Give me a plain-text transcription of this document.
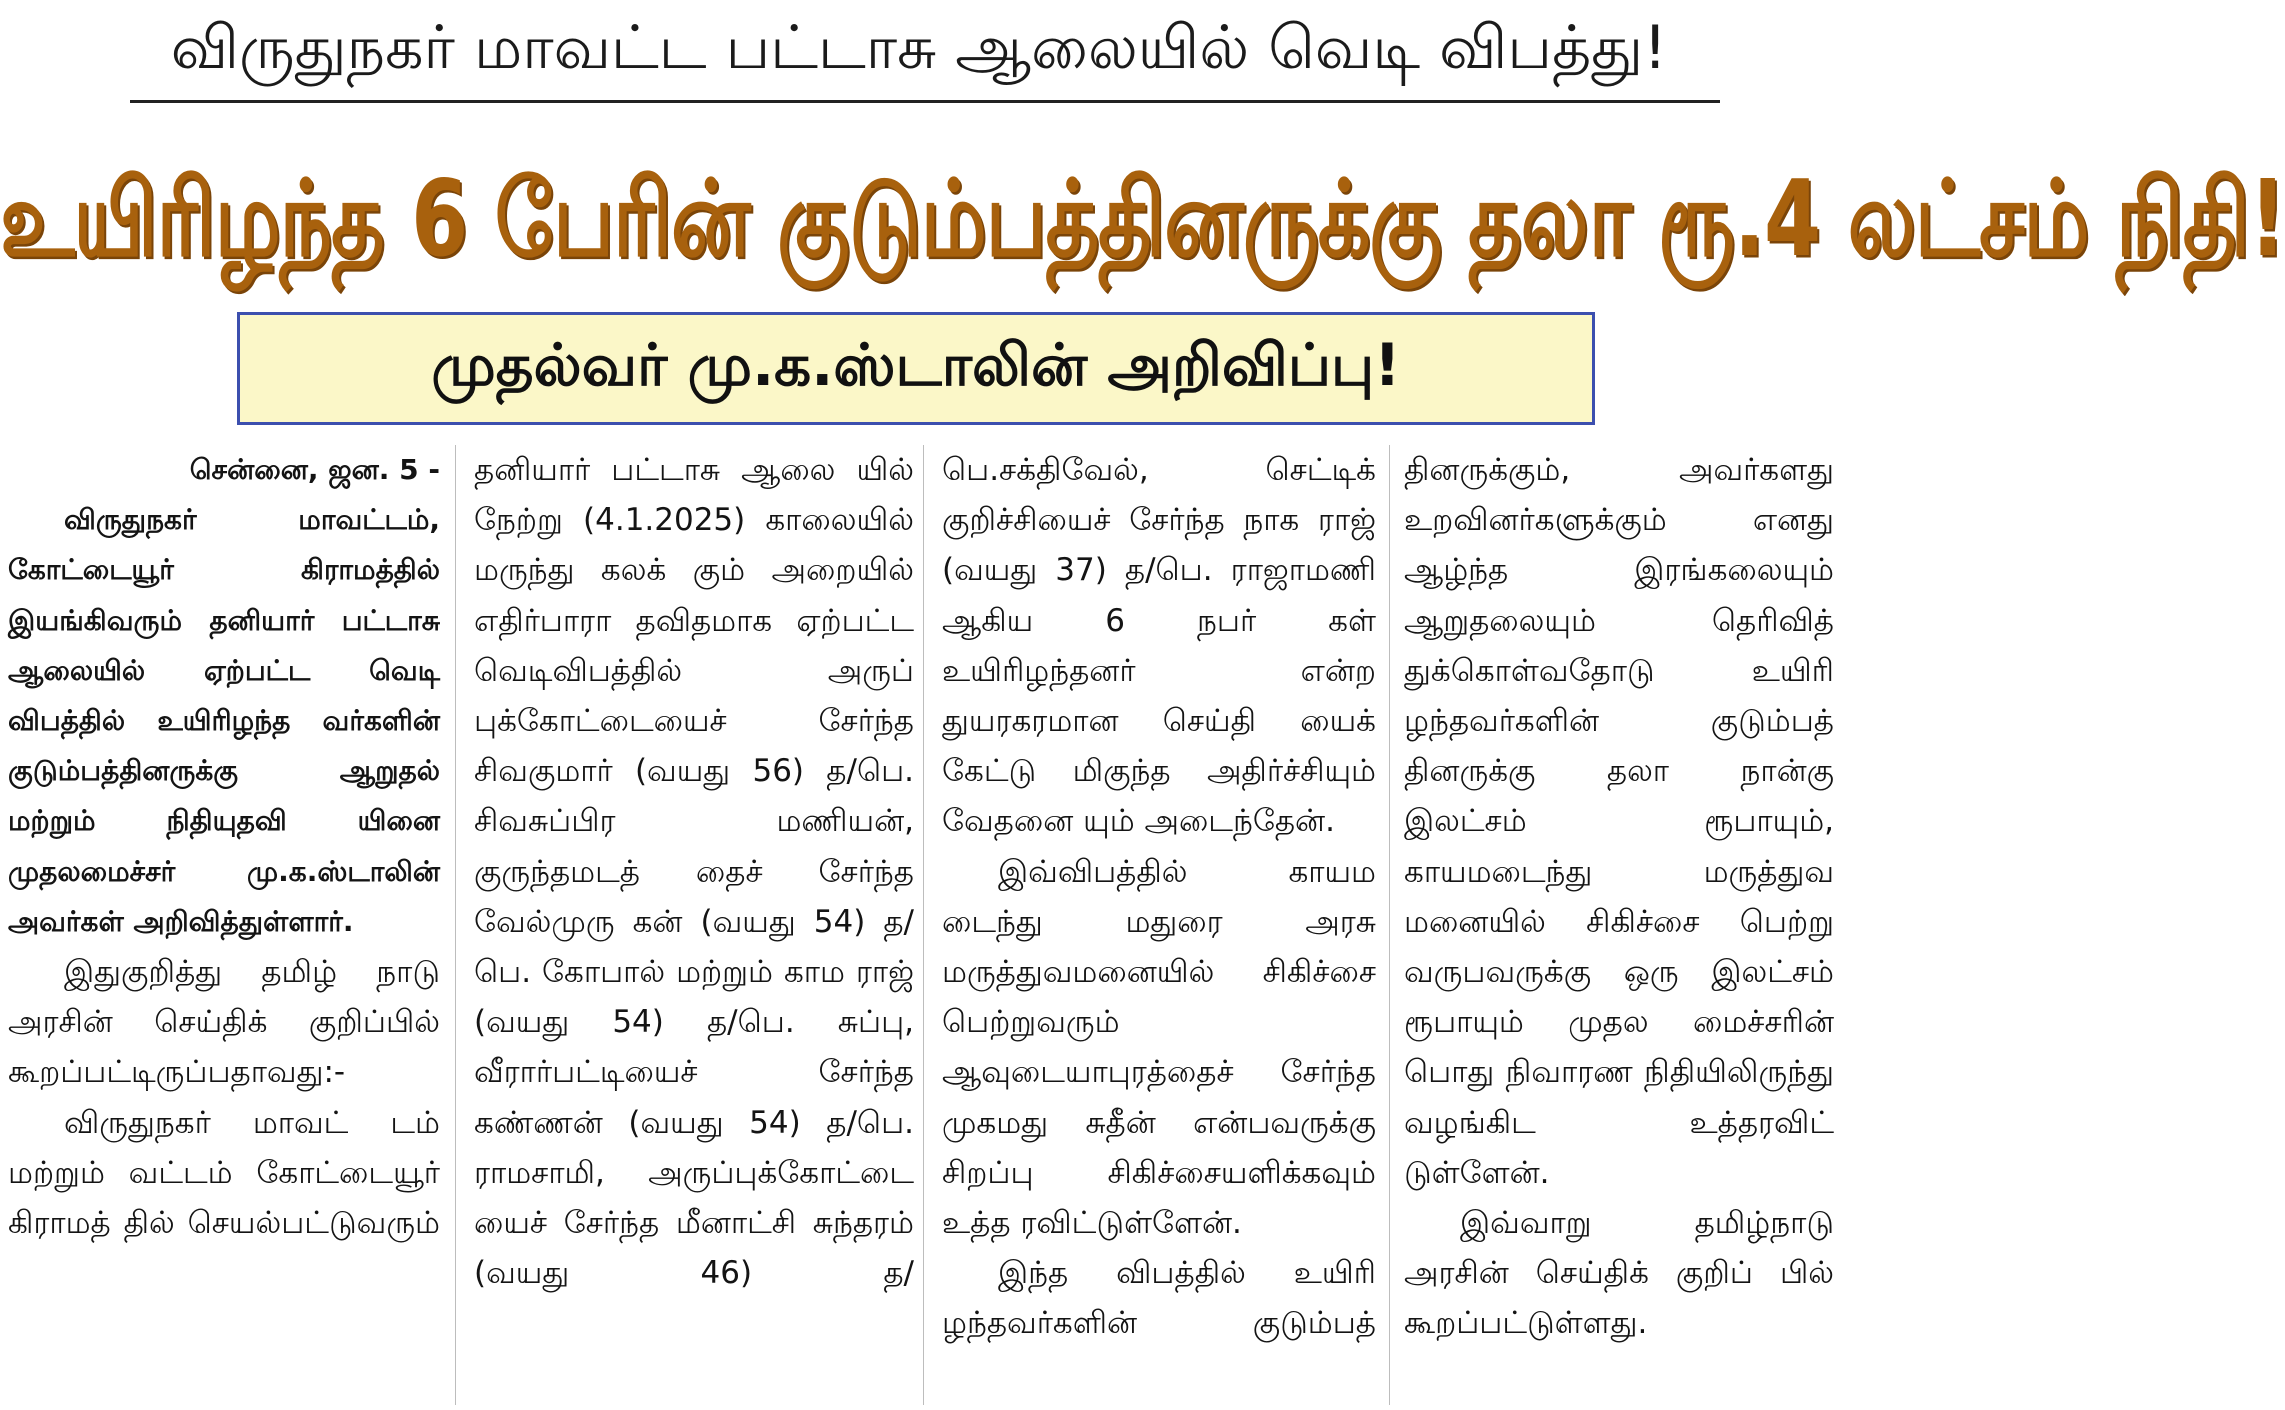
விருதுநகர் மாவட்ட பட்டாசு ஆலையில் வெடி விபத்து!
உயிரிழந்த 6 பேரின் குடும்பத்தினருக்கு தலா ரூ.4 லட்சம் நிதி!
முதல்வர் மு.க.ஸ்டாலின் அறிவிப்பு!

சென்னை, ஜன. 5 -

விருதுநகர் மாவட்டம், கோட்டையூர் கிராமத்தில் இயங்கிவரும் தனியார் பட்டாசு ஆலையில் ஏற்பட்ட வெடி விபத்தில் உயிரிழந்த வர்களின் குடும்பத்தினருக்கு ஆறுதல் மற்றும் நிதியுதவி யினை முதலமைச்சர் மு.க.ஸ்டாலின் அவர்கள் அறிவித்துள்ளார்.

இதுகுறித்து தமிழ் நாடு அரசின் செய்திக் குறிப்பில் கூறப்பட்டிருப்பதாவது:-

விருதுநகர் மாவட் டம் மற்றும் வட்டம் கோட்டையூர் கிராமத் தில் செயல்பட்டுவரும்

தனியார் பட்டாசு ஆலை யில் நேற்று (4.1.2025) காலையில் மருந்து கலக் கும் அறையில் எதிர்பாரா தவிதமாக ஏற்பட்ட வெடிவிபத்தில் அருப் புக்கோட்டையைச் சேர்ந்த சிவகுமார் (வயது 56) த/பெ. சிவசுப்பிர மணியன், குருந்தமடத் தைச் சேர்ந்த வேல்முரு கன் (வயது 54) த/பெ. கோபால் மற்றும் காம ராஜ் (வயது 54) த/பெ. சுப்பு, வீரார்பட்டியைச் சேர்ந்த கண்ணன் (வயது 54) த/பெ. ராமசாமி, அருப்புக்கோட்டை யைச் சேர்ந்த மீனாட்சி சுந்தரம் (வயது 46) த/

பெ.சக்திவேல், செட்டிக் குறிச்சியைச் சேர்ந்த நாக ராஜ் (வயது 37) த/பெ. ராஜாமணி ஆகிய 6 நபர் கள் உயிரிழந்தனர் என்ற துயரகரமான செய்தி யைக் கேட்டு மிகுந்த அதிர்ச்சியும் வேதனை யும் அடைந்தேன்.

இவ்விபத்தில் காயம டைந்து மதுரை அரசு மருத்துவமனையில் சிகிச்சை பெற்றுவரும் ஆவுடையாபுரத்தைச் சேர்ந்த முகமது சுதீன் என்பவருக்கு சிறப்பு சிகிச்சையளிக்கவும் உத்த ரவிட்டுள்ளேன்.

இந்த விபத்தில் உயிரி ழந்தவர்களின் குடும்பத்

தினருக்கும், அவர்களது உறவினர்களுக்கும் எனது ஆழ்ந்த இரங்கலையும் ஆறுதலையும் தெரிவித் துக்கொள்வதோடு உயிரி ழந்தவர்களின் குடும்பத் தினருக்கு தலா நான்கு இலட்சம் ரூபாயும், காயமடைந்து மருத்துவ மனையில் சிகிச்சை பெற்று வருபவருக்கு ஒரு இலட்சம் ரூபாயும் முதல மைச்சரின் பொது நிவாரண நிதியிலிருந்து வழங்கிட உத்தரவிட் டுள்ளேன்.

இவ்வாறு தமிழ்நாடு அரசின் செய்திக் குறிப் பில் கூறப்பட்டுள்ளது.
